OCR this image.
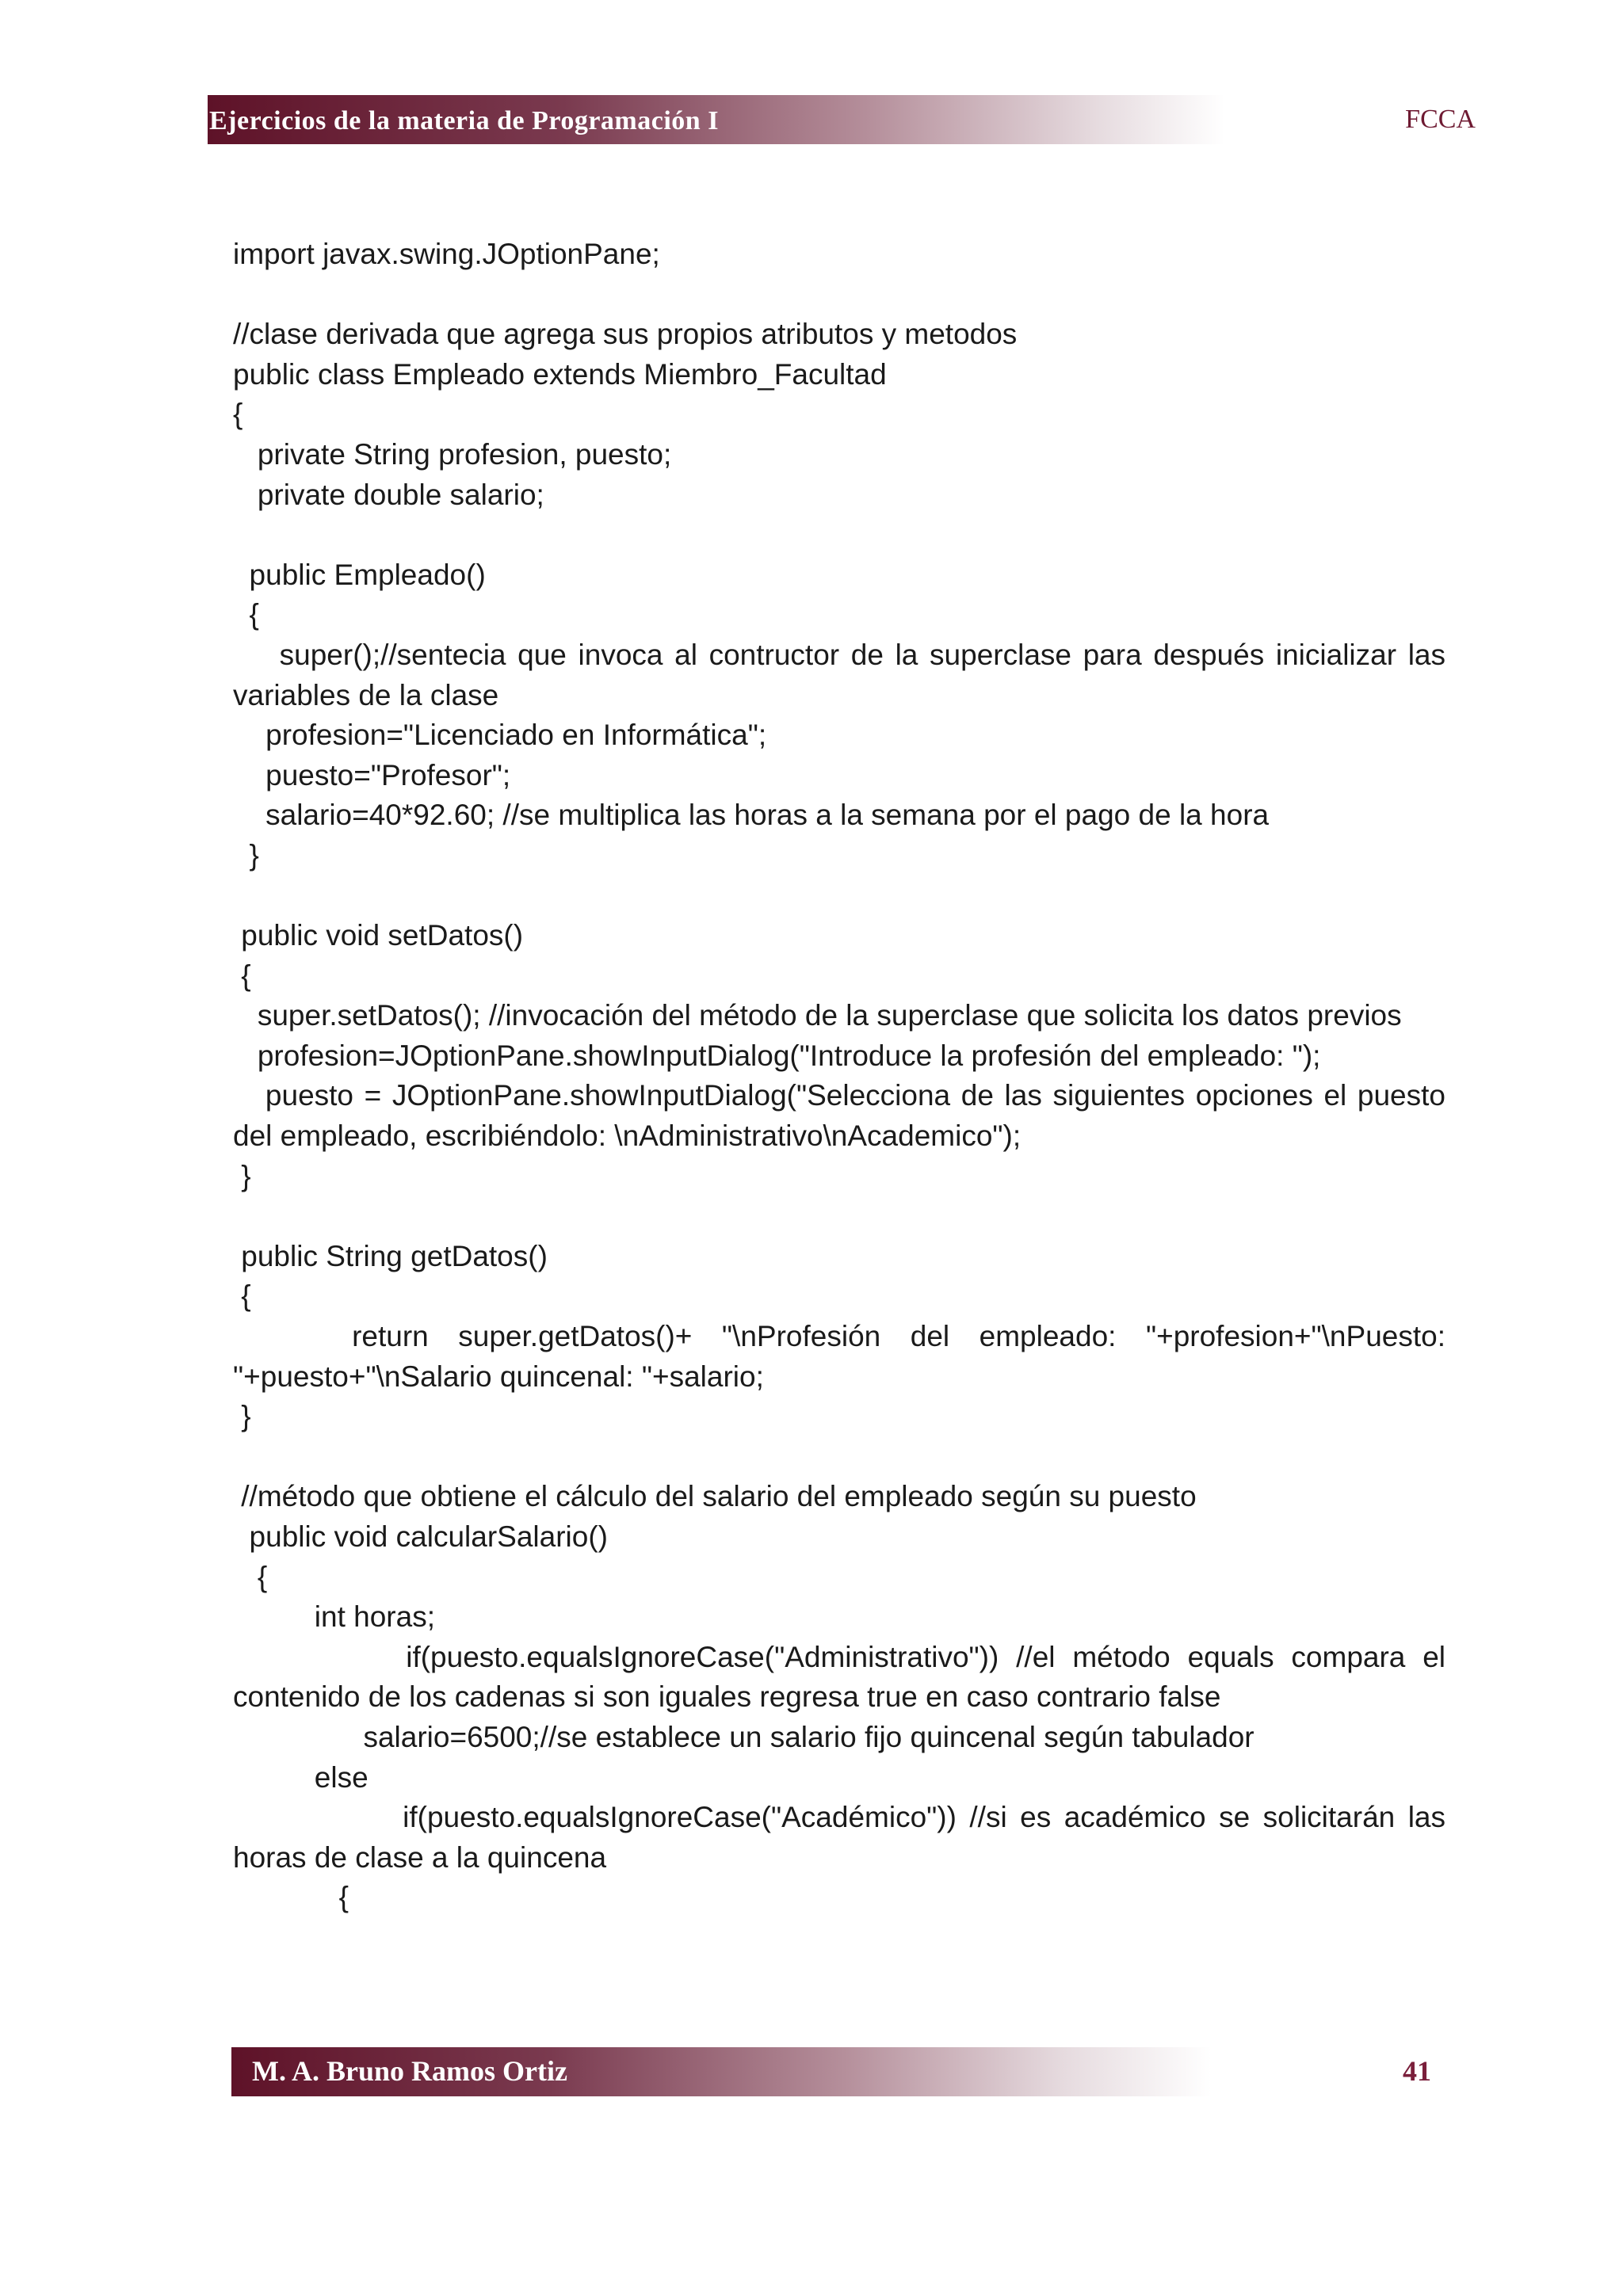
Ejercicios de la materia de Programación I	FCCA
import javax.swing.JOptionPane;
//clase derivada que agrega sus propios atributos y metodos
public class Empleado extends Miembro_Facultad
{
private String profesion, puesto;
private double salario;
public Empleado()
{
super();//sentecia que invoca al contructor de la superclase para después inicializar las
variables de la clase
profesion="Licenciado en Informática";
puesto="Profesor";
salario=40*92.60; //se multiplica las horas a la semana por el pago de la hora
}
public void setDatos()
{
super.setDatos(); //invocación del método de la superclase que solicita los datos previos
profesion=JOptionPane.showInputDialog("Introduce la profesión del empleado: ");
puesto = JOptionPane.showInputDialog("Selecciona de las siguientes opciones el puesto
del empleado, escribiéndolo: \nAdministrativo\nAcademico");
}
public String getDatos()
{
return super.getDatos()+ "\nProfesión del empleado: "+profesion+"\nPuesto:
"+puesto+"\nSalario quincenal: "+salario;
}
//método que obtiene el cálculo del salario del empleado según su puesto
public void calcularSalario()
{
int horas;
if(puesto.equalsIgnoreCase("Administrativo")) //el método equals compara el
contenido de los cadenas si son iguales regresa true en caso contrario false
salario=6500;//se establece un salario fijo quincenal según tabulador
else
if(puesto.equalsIgnoreCase("Académico")) //si es académico se solicitarán las
horas de clase a la quincena
{
M. A. Bruno Ramos Ortiz	41
